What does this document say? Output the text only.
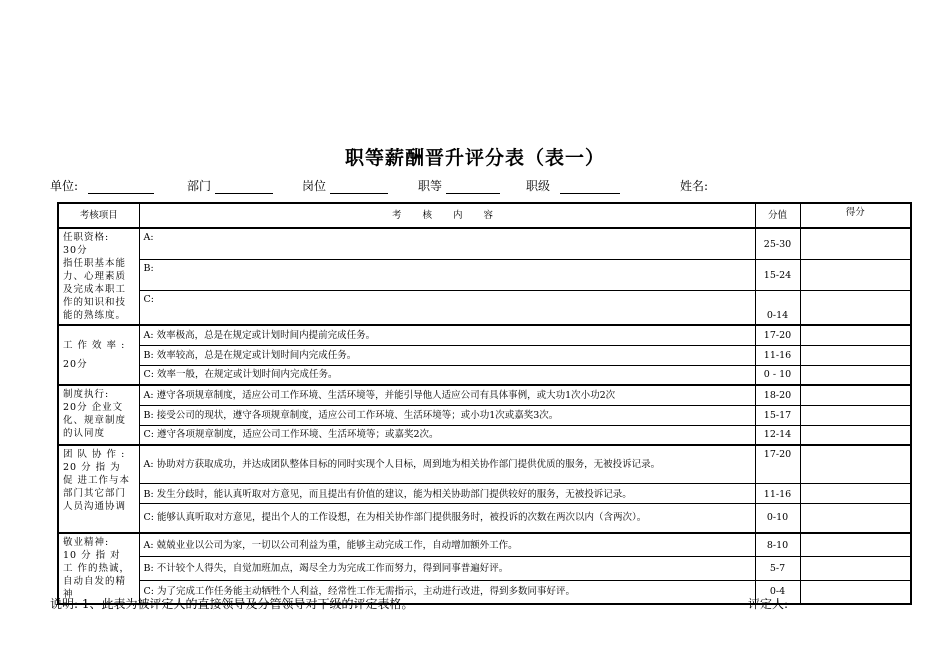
职等薪酬晋升评分表（表一）
单位:	部门	岗位	职等	职级	姓名:
考核项目	考 核 内 容	分值	得分

任职资格:
30分
指任职基本能力、心理素质及完成本职工作的知识和技能的熟练度。	A:	25-30	
	B:	15-24	
	C:	0-14	

工 作 效 率 :
20分	A: 效率极高，总是在规定或计划时间内提前完成任务。	17-20	
	B: 效率较高，总是在规定或计划时间内完成任务。	11-16	
	C: 效率一般，在规定或计划时间内完成任务。	0 - 10	

制度执行:
20分 企业文化、规章制度的认同度	A: 遵守各项规章制度，适应公司工作环境、生活环境等，并能引导他人适应公司有具体事例，或大功1次小功2次	18-20	
	B: 接受公司的现状，遵守各项规章制度，适应公司工作环境、生活环境等；或小功1次或嘉奖3次。	15-17	
	C: 遵守各项规章制度，适应公司工作环境、生活环境等；或嘉奖2次。	12-14	

团 队 协 作 :
20 分 指 为 促 进工作与本部门其它部门人员沟通协调	A: 协助对方获取成功，并达成团队整体目标的同时实现个人目标，周到地为相关协作部门提供优质的服务，无被投诉记录。	17-20	
	B: 发生分歧时，能认真听取对方意见，而且提出有价值的建议，能为相关协助部门提供较好的服务，无被投诉记录。	11-16	
	C: 能够认真听取对方意见，提出个人的工作设想，在为相关协作部门提供服务时，被投诉的次数在两次以内（含两次）。	0-10	

敬业精神:
10 分 指 对 工 作的热诚，自动自发的精神	A: 兢兢业业以公司为家，一切以公司利益为重，能够主动完成工作，自动增加额外工作。	8-10	
	B: 不计较个人得失，自觉加班加点，竭尽全力为完成工作而努力，得到同事普遍好评。	5-7	
	C: 为了完成工作任务能主动牺牲个人利益，经常性工作无需指示，主动进行改进，得到多数同事好评。	0-4	
说明: 1、此表为被评定人的直接领导及分管领导对下级的评定表格。	评定人:
